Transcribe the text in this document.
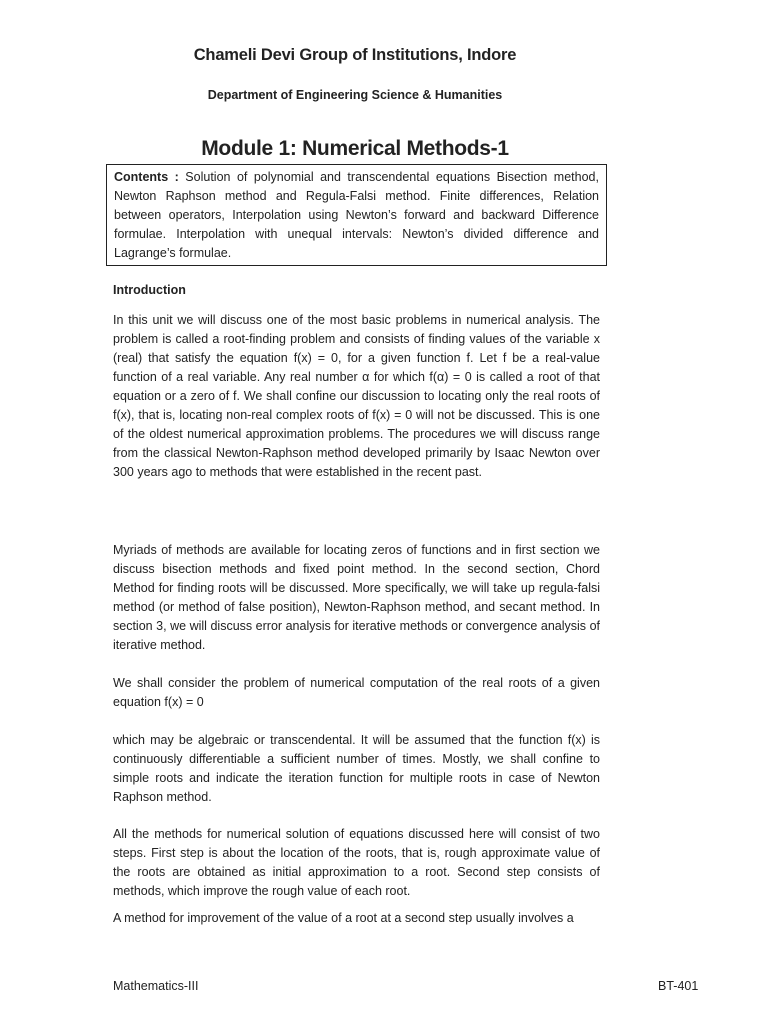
Chameli Devi Group of Institutions, Indore
Department of Engineering Science & Humanities
Module 1: Numerical Methods-1
Contents : Solution of polynomial and transcendental equations Bisection method, Newton Raphson method and Regula-Falsi method. Finite differences, Relation between operators, Interpolation using Newton’s forward and backward Difference formulae. Interpolation with unequal intervals: Newton’s divided difference and Lagrange’s formulae.
Introduction

In this unit we will discuss one of the most basic problems in numerical analysis. The problem is called a root-finding problem and consists of finding values of the variable x (real) that satisfy the equation f(x) = 0, for a given function f. Let f be a real-value function of a real variable. Any real number α for which f(α) = 0 is called a root of that equation or a zero of f. We shall confine our discussion to locating only the real roots of f(x), that is, locating non-real complex roots of f(x) = 0 will not be discussed. This is one of the oldest numerical approximation problems. The procedures we will discuss range from the classical Newton-Raphson method developed primarily by Isaac Newton over 300 years ago to methods that were established in the recent past.

Myriads of methods are available for locating zeros of functions and in first section we discuss bisection methods and fixed point method. In the second section, Chord Method for finding roots will be discussed. More specifically, we will take up regula-falsi method (or method of false position), Newton-Raphson method, and secant method. In section 3, we will discuss error analysis for iterative methods or convergence analysis of iterative method.

We shall consider the problem of numerical computation of the real roots of a given equation f(x) = 0

which may be algebraic or transcendental. It will be assumed that the function f(x) is continuously differentiable a sufficient number of times. Mostly, we shall confine to simple roots and indicate the iteration function for multiple roots in case of Newton Raphson method.

All the methods for numerical solution of equations discussed here will consist of two steps. First step is about the location of the roots, that is, rough approximate value of the roots are obtained as initial approximation to a root. Second step consists of methods, which improve the rough value of each root.

A method for improvement of the value of a root at a second step usually involves a

Mathematics-III	BT-401
